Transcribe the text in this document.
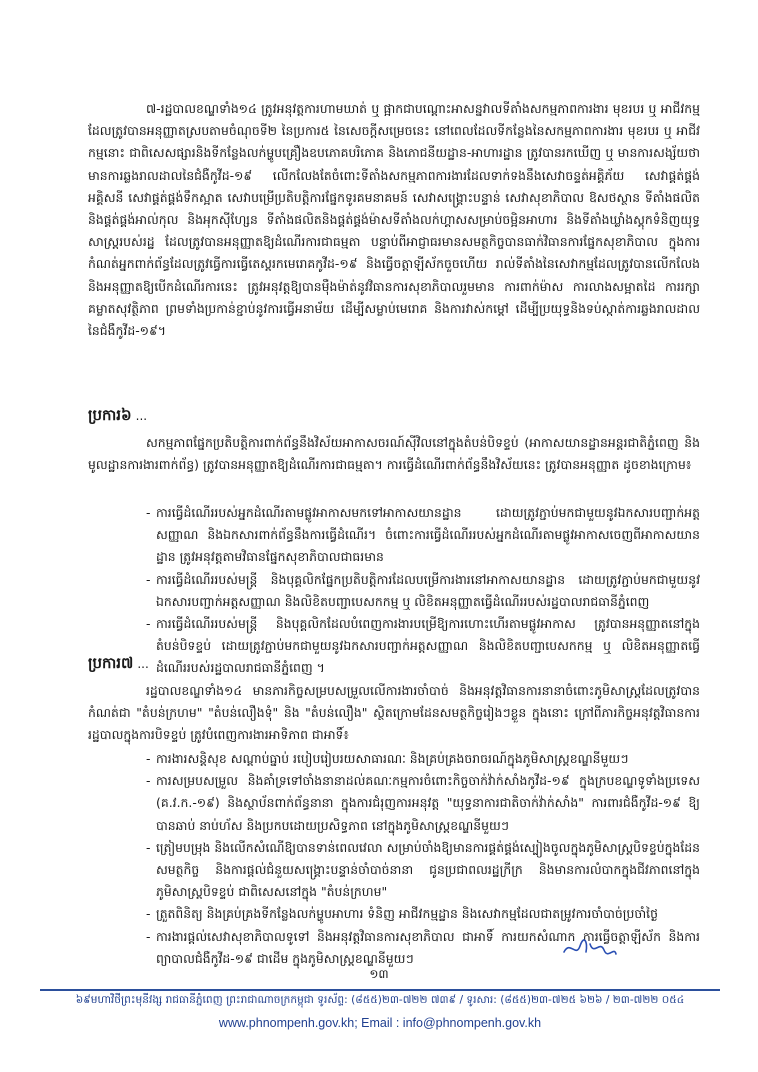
៧-រដ្ឋបាលខណ្ឌទាំង១៤ ត្រូវអនុវត្តការហាមឃាត់ ឬ ផ្អាកជាបណ្ដោះអាសន្នវាលទីតាំងសកម្មភាពការងារ មុខរបរ ឬ អាជីវកម្ម ដែលត្រូវបានអនុញ្ញាតស្របតាមចំណុចទី២ នៃប្រការ៥ នៃសេចក្ដីសម្រេចនេះ នៅពេលដែលទីកន្លែងនៃសកម្មភាពការងារ មុខរបរ ឬ អាជីវកម្មនោះ ជាពិសេសផ្សារនិងទីកន្លែងលក់ម្ហូបគ្រឿងឧបភោគបរិភោគ និងភោជនីយដ្ឋាន-អាហារដ្ឋាន ត្រូវបានរកឃើញ ឬ មានការសង្ស័យថាមានការឆ្លងរាលដាលនៃជំងឺកូវីដ-១៩ លើកលែងតែចំពោះទីតាំងសកម្មភាពការងារដែលទាក់ទងនឹងសេវាចន្ទត់អគ្គិភ័យ សេវាផ្គត់ផ្គង់អគ្គិសនី សេវាផ្គត់ផ្គង់ទឹកស្អាត សេវាបម្រើប្រតិបត្តិការផ្នែកទូរគមនាគមន៍ សេវាសង្គ្រោះបន្ទាន់ សេវាសុខាភិបាល ឱសថស្ថាន ទីតាំងផលិត និងផ្គត់ផ្គង់អាល់កុល និងអុកស៊ីហ្សែន ទីតាំងផលិតនិងផ្គត់ផ្គង់ម៉ាសទីតាំងលក់ហ្គាសសម្រាប់ចម្អិនអាហារ និងទីតាំងឃ្លាំងស្តុកទំនិញយុទ្ធសាស្ត្ររបស់រដ្ឋ ដែលត្រូវបានអនុញ្ញាតឱ្យដំណើរការជាធម្មតា បន្ទាប់ពីអាជ្ញាធរមានសមត្ថកិច្ចបានធាក់វិធានការផ្នែកសុខាភិបាល ក្នុងការកំណត់អ្នកពាក់ព័ន្ធដែលត្រូវធ្វើការធ្វើតេស្តរកមេរោគកូវីដ-១៩ និងធ្វើចត្តាឡីស័កចួចហើយ រាល់ទីតាំងនៃសេវាកម្មដែលត្រូវបានលើកលែង និងអនុញ្ញាតឱ្យបើកដំណើរការនេះ ត្រូវអនុវត្តឱ្យបានម៉ឺងម៉ាត់នូវវិធានការសុខាភិបាលរួមមាន ការពាក់ម៉ាស ការលាងសម្អាតដៃ ការរក្សាគម្លាតសុវត្ថិភាព ព្រមទាំងប្រកាន់ខ្ជាប់នូវការធ្វើអនាម័យ ដើម្បីសម្លាប់មេរោគ និងការវាស់កម្ដៅ ដើម្បីប្រយុទ្ធនិងទប់ស្កាត់ការឆ្លងរាលដាលនៃជំងឺកូវីដ-១៩។

ប្រការ៦ ...

សកម្មភាពផ្នែកប្រតិបត្តិការពាក់ព័ន្ធនឹងវិស័យអាកាសចរណ៍ស៊ីវិលនៅក្នុងតំបន់បិទខ្ទប់ (អាកាសយានដ្ឋានអន្តរជាតិភ្នំពេញ និងមូលដ្ឋានការងារពាក់ព័ន្ធ) ត្រូវបានអនុញ្ញាតឱ្យដំណើរការជាធម្មតា។ ការធ្វើដំណើរពាក់ព័ន្ធនឹងវិស័យនេះ ត្រូវបានអនុញ្ញាត ដូចខាងក្រោម៖

- ការធ្វើដំណើររបស់អ្នកដំណើរតាមផ្លូវអាកាសមកទៅអាកាសយានដ្ឋាន ដោយត្រូវភ្ជាប់មកជាមួយនូវឯកសារបញ្ជាក់អត្តសញ្ញាណ និងឯកសារពាក់ព័ន្ធនឹងការធ្វើដំណើរ។ ចំពោះការធ្វើដំណើររបស់អ្នកដំណើរតាមផ្លូវអាកាសចេញពីអាកាសយានដ្ឋាន ត្រូវអនុវត្តតាមវិធានផ្នែកសុខាភិបាលជាធរមាន
- ការធ្វើដំណើររបស់មន្ត្រី និងបុគ្គលិកផ្នែកប្រតិបត្តិការដែលបម្រើការងារនៅអាកាសយានដ្ឋាន ដោយត្រូវភ្ជាប់មកជាមួយនូវឯកសារបញ្ជាក់អត្តសញ្ញាណ និងលិខិតបញ្ជាបេសកកម្ម ឬ លិខិតអនុញ្ញាតធ្វើដំណើររបស់រដ្ឋបាលរាជធានីភ្នំពេញ
- ការធ្វើដំណើររបស់មន្ត្រី និងបុគ្គលិកដែលបំពេញការងារបម្រើឱ្យការហោះហើរតាមផ្លូវអាកាស ត្រូវបានអនុញ្ញាតនៅក្នុងតំបន់បិទខ្ទប់ ដោយត្រូវភ្ជាប់មកជាមួយនូវឯកសារបញ្ជាក់អត្តសញ្ញាណ និងលិខិតបញ្ជាបេសកកម្ម ឬ លិខិតអនុញ្ញាតធ្វើដំណើររបស់រដ្ឋបាលរាជធានីភ្នំពេញ ។
ប្រការ៧ ...

រដ្ឋបាលខណ្ឌទាំង១៤ មានភារកិច្ចសម្របសម្រួលលើការងារចាំបាច់ និងអនុវត្តវិធានការនានាចំពោះភូមិសាស្ត្រដែលត្រូវបានកំណត់ជា "តំបន់ក្រហម" "តំបន់លឿងទុំ" និង "តំបន់លឿង" ស្ថិតក្រោមដែនសមត្ថកិច្ចរៀងៗខ្លួន ក្នុងនោះ ក្រៅពីភារកិច្ចអនុវត្តវិធានការរដ្ឋបាលក្នុងការបិទខ្ទប់ ត្រូវបំពេញការងារអាទិភាព ជាអាទិ៍៖

- ការងារសន្តិសុខ សណ្ដាប់ធ្នាប់ របៀបរៀបរយសាធារណៈ និងគ្រប់គ្រងចរាចរណ៍ក្នុងភូមិសាស្ត្រខណ្ឌនីមួយៗ
- ការសម្របសម្រួល និងគាំទ្រទៅចាំងនានាដល់គណៈកម្មការចំពោះកិច្ចចាក់វ៉ាក់សាំងកូវីដ-១៩ ក្នុងក្របខណ្ឌទូទាំងប្រទេស (គ.វ.ក.-១៩) និងស្ថាប័នពាក់ព័ន្ធនានា ក្នុងការជំរុញការអនុវត្ត "យុទ្ធនាការជាតិចាក់វ៉ាក់សាំង" ការពារជំងឺកូវីដ-១៩ ឱ្យបានឆាប់ នាប់ហ័ស និងប្រកបដោយប្រសិទ្ធភាព នៅក្នុងភូមិសាស្ត្រខណ្ឌនីមួយៗ
- ត្រៀមបម្រុង និងលើកសំណើឱ្យបានទាន់ពេលវេលា សម្រាប់ចាំងឱ្យមានការផ្គត់ផ្គង់ស្បៀងចូលក្នុងភូមិសាស្ត្របិទខ្ទប់ក្នុងដែនសមត្ថកិច្ច និងការផ្ដល់ជំនួយសង្គ្រោះបន្ទាន់ចាំបាច់នានា ជូនប្រជាពលរដ្ឋក្រីក្រ និងមានការលំបាកក្នុងជីវភាពនៅក្នុងភូមិសាស្ត្របិទខ្ទប់ ជាពិសេសនៅក្នុង "តំបន់ក្រហម"
- ត្រួតពិនិត្យ និងគ្រប់គ្រងទីកន្លែងលក់ម្ហូបអាហារ ទំនិញ អាជីវកម្មដ្ឋាន និងសេវាកម្មដែលជាតម្រូវការចាំបាច់ប្រចាំថ្ងៃ
- ការងារផ្ដល់សេវាសុខាភិបាលទូទៅ និងអនុវត្តវិធានការសុខាភិបាល ជាអាទិ៍ ការយកសំណាក ការធ្វើចត្តាឡីស័ក និងការព្យាបាលជំងឺកូវីដ-១៩ ជាដើម ក្នុងភូមិសាស្ត្រខណ្ឌនីមួយៗ
១៣
៦៩មហាវិថីព្រះមុនីវង្ស រាជធានីភ្នំពេញ ព្រះរាជាណាចក្រកម្ពុជា ទូរស័ព្ទ: (៨៥៥)២៣-៧២២ ៧៣៩ / ទូរសារ: (៨៥៥)២៣-៧២៥ ៦២៦ / ២៣-៧២២ ០៥៤
www.phnompenh.gov.kh; Email : info@phnompenh.gov.kh
